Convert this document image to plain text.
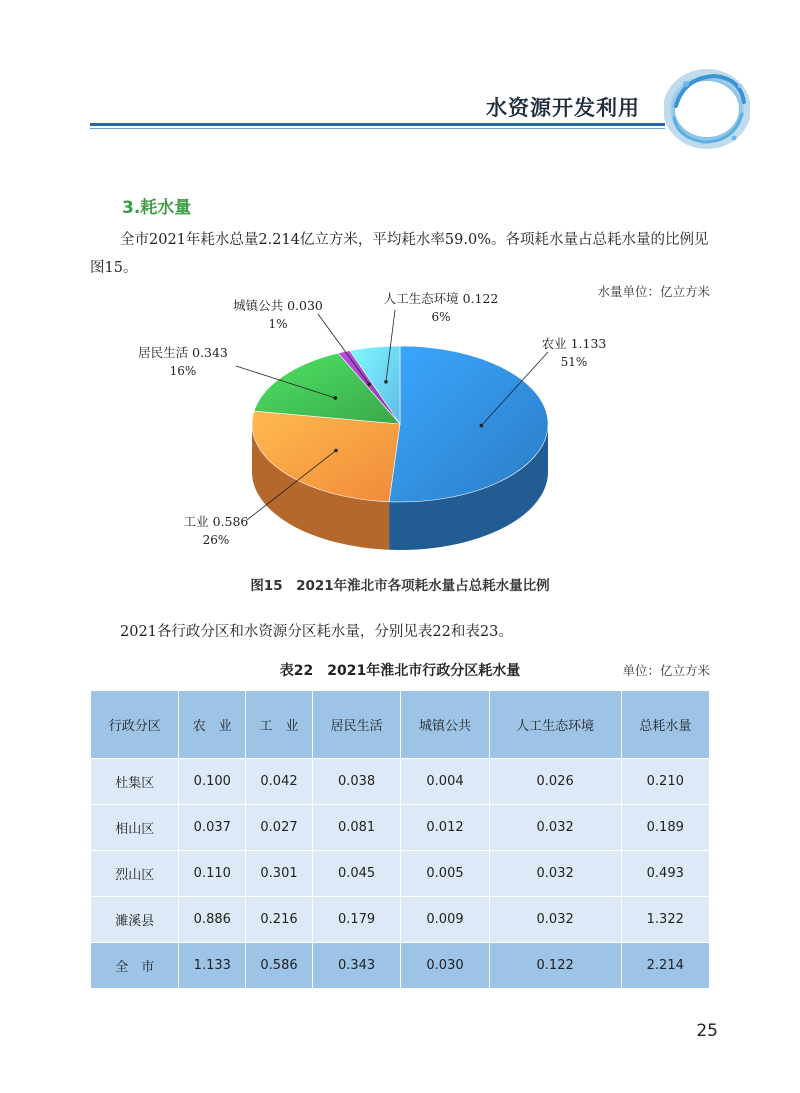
水资源开发利用
3.耗水量
全市2021年耗水总量2.214亿立方米，平均耗水率59.0%。各项耗水量占总耗水量的比例见图15。
水量单位：亿立方米
农业 1.133
51%
工业 0.586
26%
居民生活 0.343
16%
城镇公共 0.030
1%
人工生态环境 0.122
6%
图15　2021年淮北市各项耗水量占总耗水量比例
2021各行政分区和水资源分区耗水量，分别见表22和表23。
表22　2021年淮北市行政分区耗水量	单位：亿立方米
行政分区	农　业	工　业	居民生活	城镇公共	人工生态环境	总耗水量
杜集区	0.100	0.042	0.038	0.004	0.026	0.210
相山区	0.037	0.027	0.081	0.012	0.032	0.189
烈山区	0.110	0.301	0.045	0.005	0.032	0.493
濉溪县	0.886	0.216	0.179	0.009	0.032	1.322
全　市	1.133	0.586	0.343	0.030	0.122	2.214
25
